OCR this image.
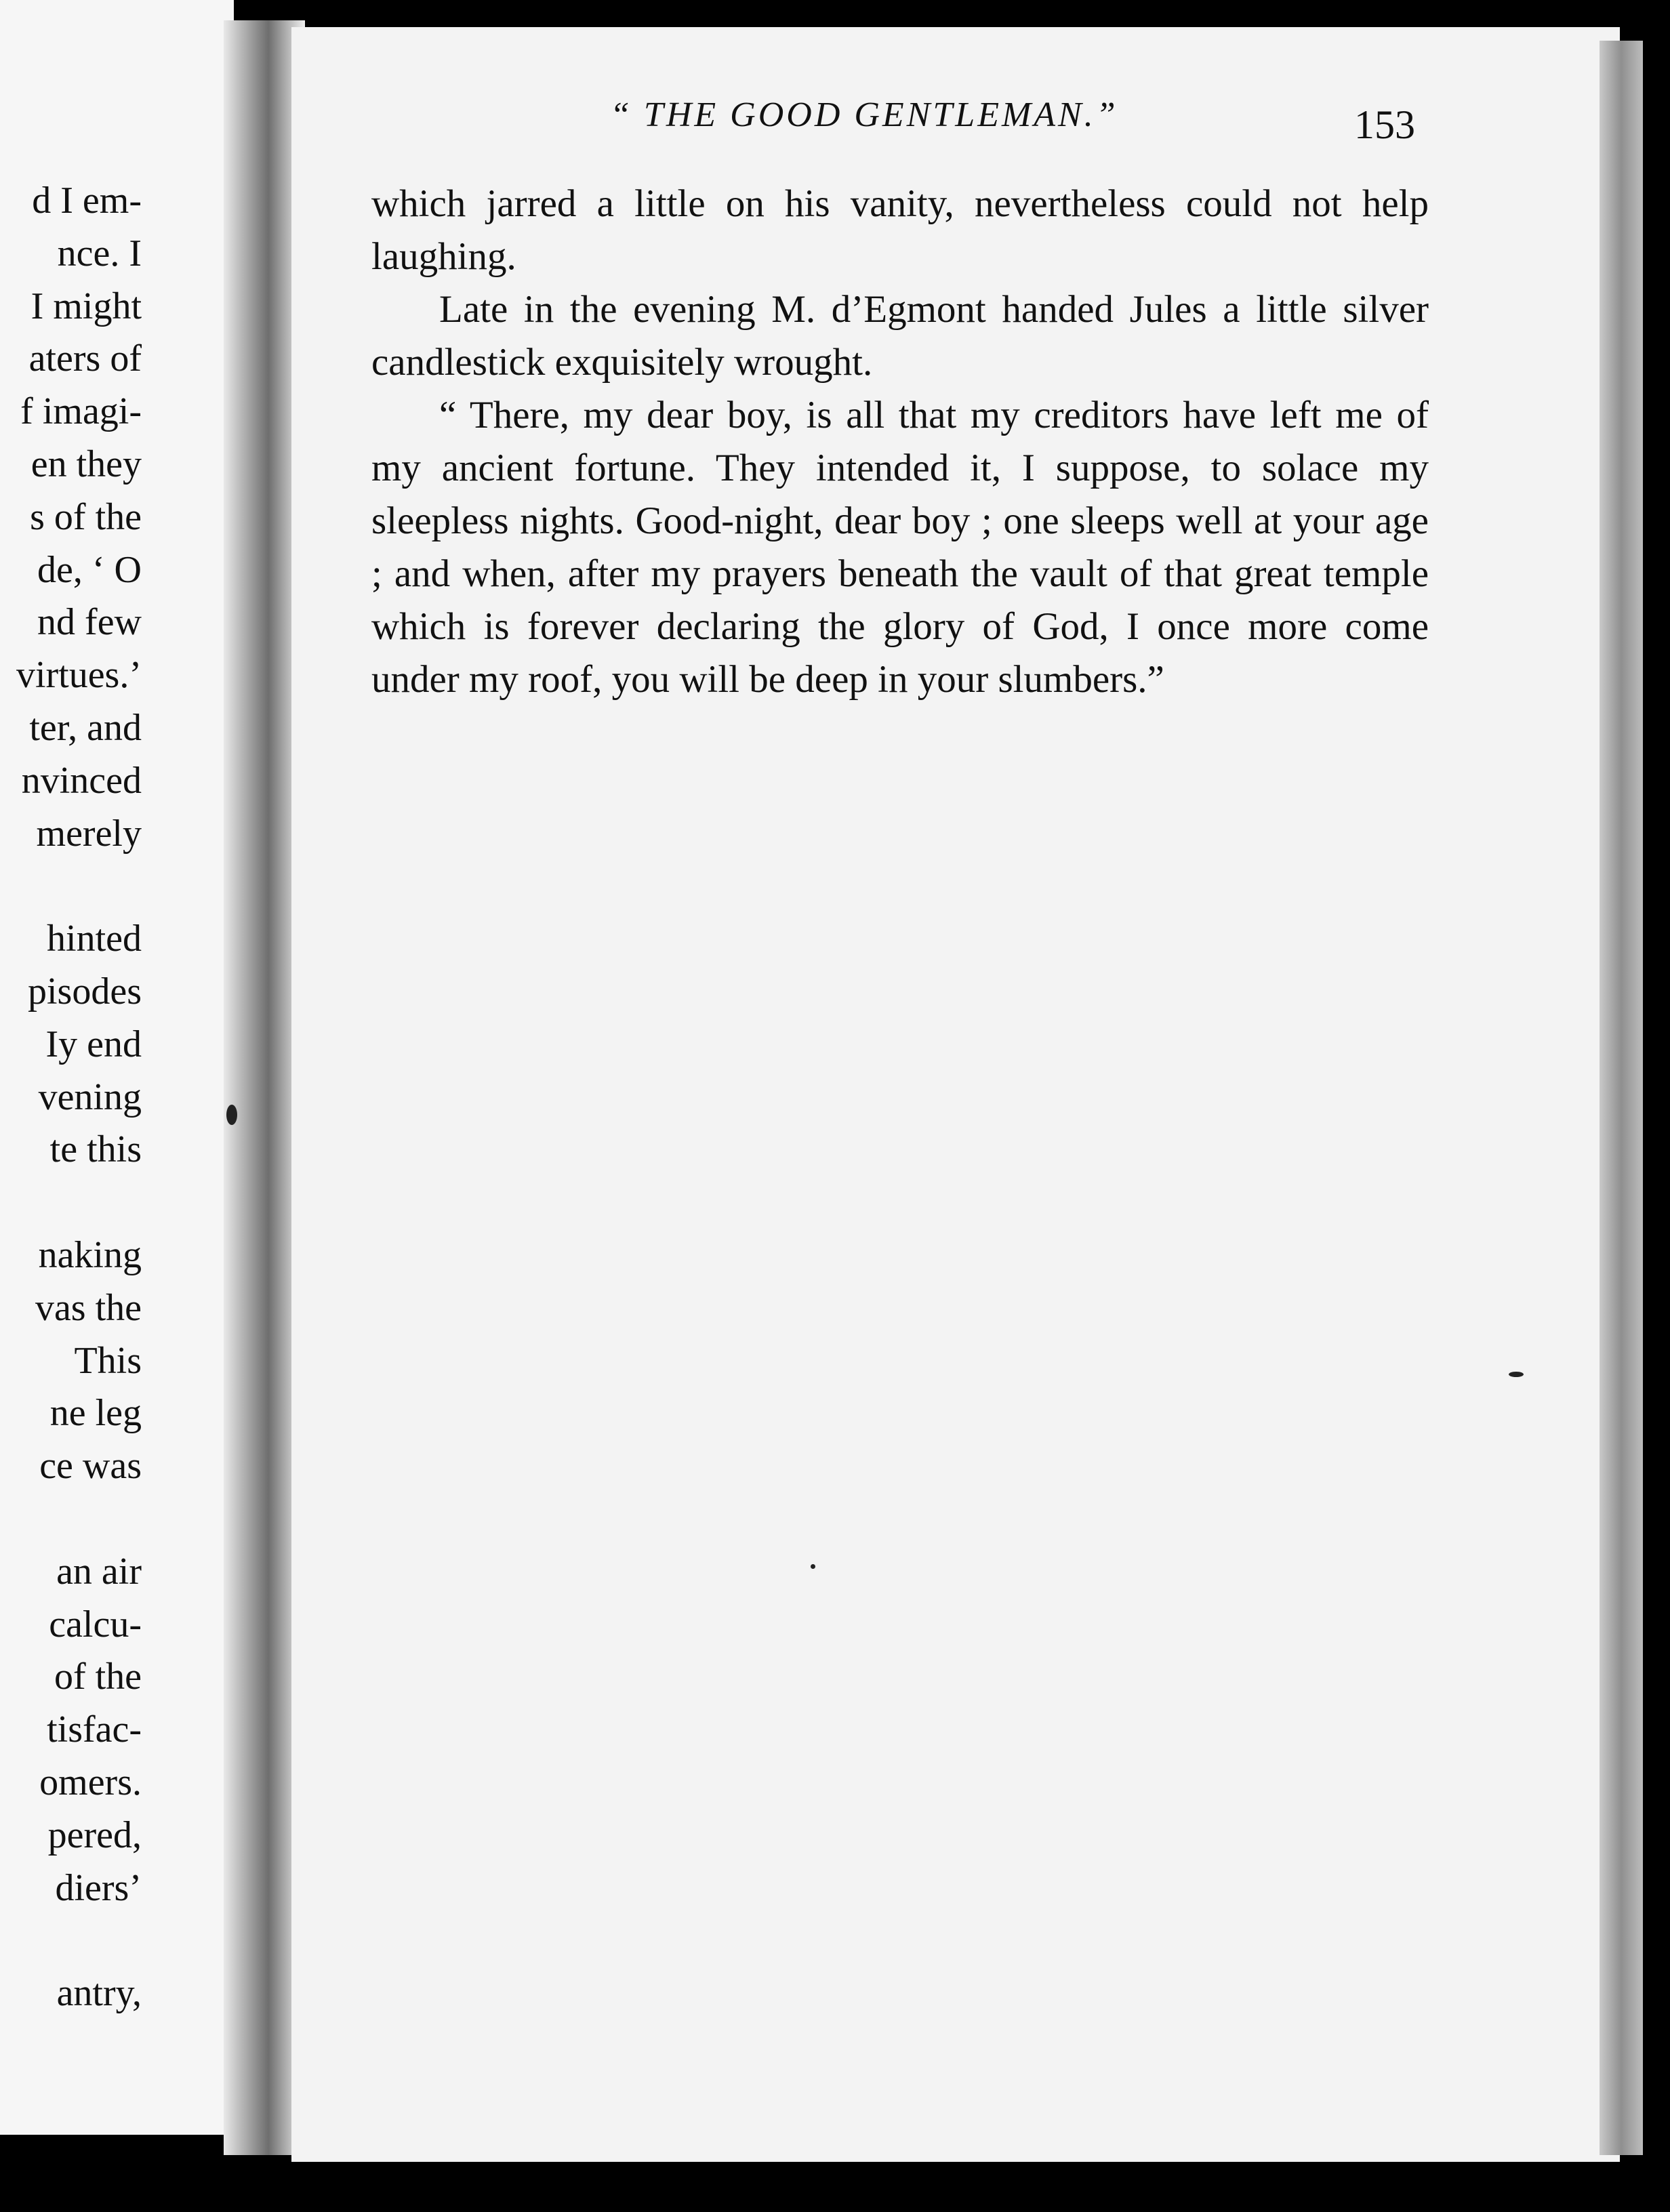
d I em-
nce. I
I might
aters of
f imagi-
en they
s of the
de, ‘ O
nd few
virtues.’
ter, and
nvinced
merely
hinted
pisodes
Iy end
vening
te this
naking
vas the
This
ne leg
ce was
an air
calcu-
of the
tisfac-
omers.
pered,
diers’
antry,
“ THE GOOD GENTLEMAN.”	153

which jarred a little on his vanity, nevertheless could not help laughing.

Late in the evening M. d’Egmont handed Jules a little silver candlestick exquisitely wrought.

“ There, my dear boy, is all that my creditors have left me of my ancient fortune. They intended it, I suppose, to solace my sleepless nights. Good-night, dear boy ; one sleeps well at your age ; and when, after my prayers beneath the vault of that great temple which is forever declaring the glory of God, I once more come under my roof, you will be deep in your slumbers.”
